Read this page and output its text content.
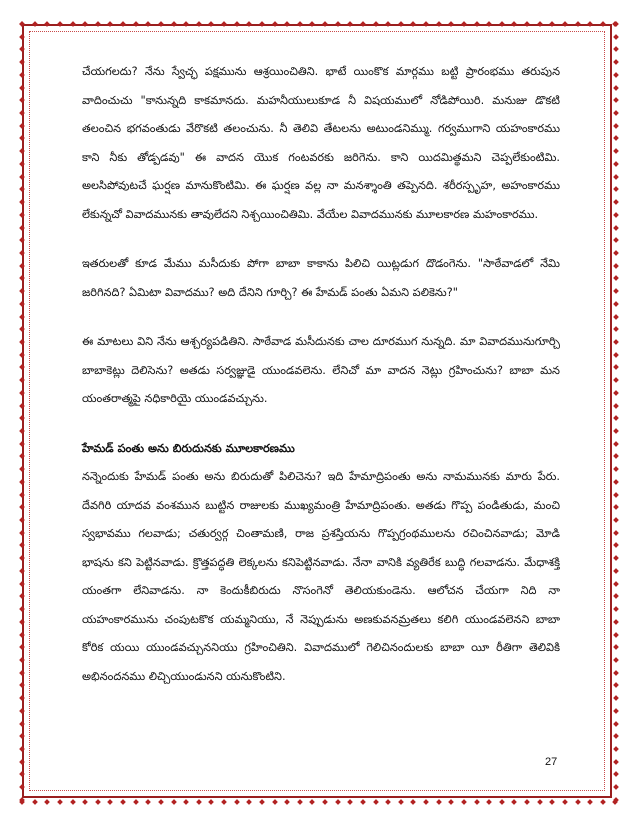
చేయగలదు? నేను స్వేచ్ఛ పక్షమును ఆశ్రయించితిని. భాటే యింకొక మార్గము బట్టి ప్రారంభము తరుపున వాదించుచు "కానున్నది కాకమానదు. మహనీయులుకూడ నీ విషయములో నోడిపోయిరి. మనుజు డొకటి తలంచిన భగవంతుడు వేరొకటి తలంచును. నీ తెలివి తేటలను అటుండనిమ్ము. గర్వముగాని యహంకారము కాని నీకు తోడ్పడవు" ఈ వాదన యొక గంటవరకు జరిగెను. కాని యిదమిత్థమని చెప్పలేకుంటిమి. అలసిపోవుటచే ఘర్షణ మానుకొంటిమి. ఈ ఘర్షణ వల్ల నా మనశ్శాంతి తప్పెనది. శరీరస్పృహ, అహంకారము లేకున్నచో వివాదమునకు తావులేదని నిశ్చయించితిమి. వేయేల వివాదమునకు మూలకారణ మహంకారము.

ఇతరులతో కూడ మేము మసీదుకు పోగా బాబా కాకాను పిలిచి యిట్లడుగ దొడంగెను. "సాఠేవాడలో నేమి జరిగినది? ఏమిటా వివాదము? అది దేనిని గూర్చి? ఈ హేమడ్ పంతు ఏమని పలికెను?"

ఈ మాటలు విని నేను ఆశ్చర్యపడితిని. సాఠేవాడ మసీదునకు చాల దూరముగ నున్నది. మా వివాదమునుగూర్చి బాబాకెట్లు దెలిసెను? అతడు సర్వజ్ఞుడై యుండవలెను. లేనిచో మా వాదన నెట్లు గ్రహించును? బాబా మన యంతరాత్మపై నధికారియై యుండవచ్చును.

హేమడ్ పంతు అను బిరుదునకు మూలకారణము

నన్నెందుకు హేమడ్ పంతు అను బిరుదుతో పిలిచెను? ఇది హేమాద్రిపంతు అను నామమునకు మారు పేరు. దేవగిరి యాదవ వంశమున బుట్టిన రాజులకు ముఖ్యమంత్రి హేమాద్రిపంతు. అతడు గొప్ప పండితుడు, మంచి స్వభావము గలవాడు; చతుర్వర్గ చింతామణి, రాజ ప్రశస్తియను గొప్పగ్రంథములను రచించినవాడు; మోడి భాషను కని పెట్టినవాడు. క్రొత్తపద్ధతి లెక్కలను కనిపెట్టినవాడు. నేనా వానికి వ్యతిరేక బుద్ధి గలవాడను. మేధాశక్తి యంతగా లేనివాడను. నా కెందుకీబిరుదు నొసంగెనో తెలియకుండెను. ఆలోచన చేయగా నిది నా యహంకారమును చంపుటకొక యమ్మనియు, నే నెప్పుడును అణకువనమ్రతలు కలిగి యుండవలెనని బాబా కోరిక యయి యుండవచ్చుననియు గ్రహించితిని. వివాదములో గెలిచినందులకు బాబా యీ రీతిగా తెలివికి అభినందనము లిచ్చియుండునని యనుకొంటిని.

27
